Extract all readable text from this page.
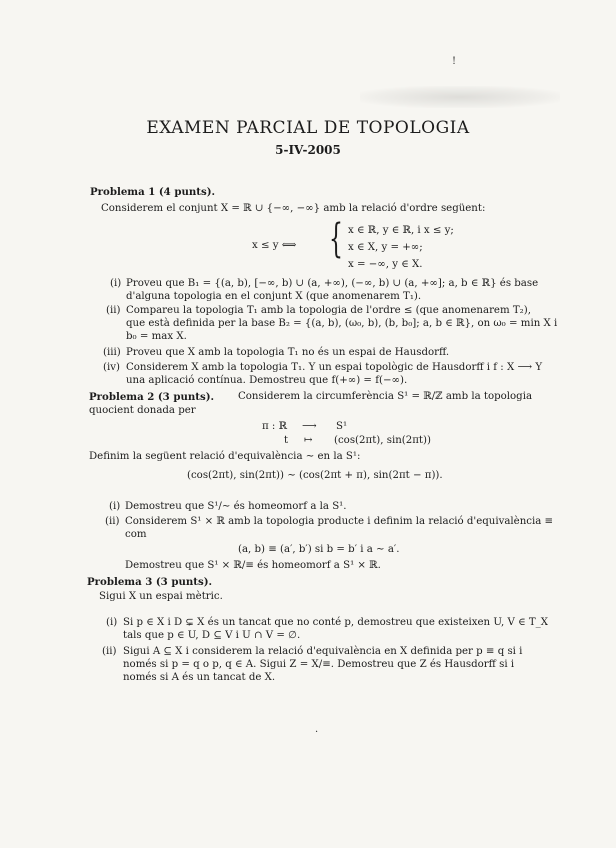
!
EXAMEN PARCIAL DE TOPOLOGIA
5-IV-2005
Problema 1 (4 punts).
Considerem el conjunt X = ℝ ∪ {−∞, −∞} amb la relació d'ordre següent:
x ≤ y ⟺ { x ∈ ℝ, y ∈ ℝ, i x ≤ y;
x ∈ X, y = +∞;
x = −∞, y ∈ X.
(i) Proveu que B₁ = {(a, b), [−∞, b) ∪ (a, +∞), (−∞, b) ∪ (a, +∞]; a, b ∈ ℝ} és base
d'alguna topologia en el conjunt X (que anomenarem T₁).
(ii) Compareu la topologia T₁ amb la topologia de l'ordre ≤ (que anomenarem T₂),
que està definida per la base B₂ = {(a, b), (ω₀, b), (b, b₀]; a, b ∈ ℝ}, on ω₀ = min X i
b₀ = max X.
(iii) Proveu que X amb la topologia T₁ no és un espai de Hausdorff.
(iv) Considerem X amb la topologia T₁. Y un espai topològic de Hausdorff i f : X ⟶ Y
una aplicació contínua. Demostreu que f(+∞) = f(−∞).
Problema 2 (3 punts). Considerem la circumferència S¹ = ℝ/ℤ amb la topologia
quocient donada per
π : ℝ ⟶ S¹
t ↦ (cos(2πt), sin(2πt))
Definim la següent relació d'equivalència ∼ en la S¹:
(cos(2πt), sin(2πt)) ∼ (cos(2πt + π), sin(2πt − π)).
(i) Demostreu que S¹/∼ és homeomorf a la S¹.
(ii) Considerem S¹ × ℝ amb la topologia producte i definim la relació d'equivalència ≡
com
(a, b) ≡ (a′, b′) si b = b′ i a ∼ a′.
Demostreu que S¹ × ℝ/≡ és homeomorf a S¹ × ℝ.
Problema 3 (3 punts).
Sigui X un espai mètric.
(i) Si p ∈ X i D ⊊ X és un tancat que no conté p, demostreu que existeixen U, V ∈ T_X
tals que p ∈ U, D ⊆ V i U ∩ V = ∅.
(ii) Sigui A ⊆ X i considerem la relació d'equivalència en X definida per p ≡ q si i
només si p = q o p, q ∈ A. Sigui Z = X/≡. Demostreu que Z és Hausdorff si i
només si A és un tancat de X.
·
